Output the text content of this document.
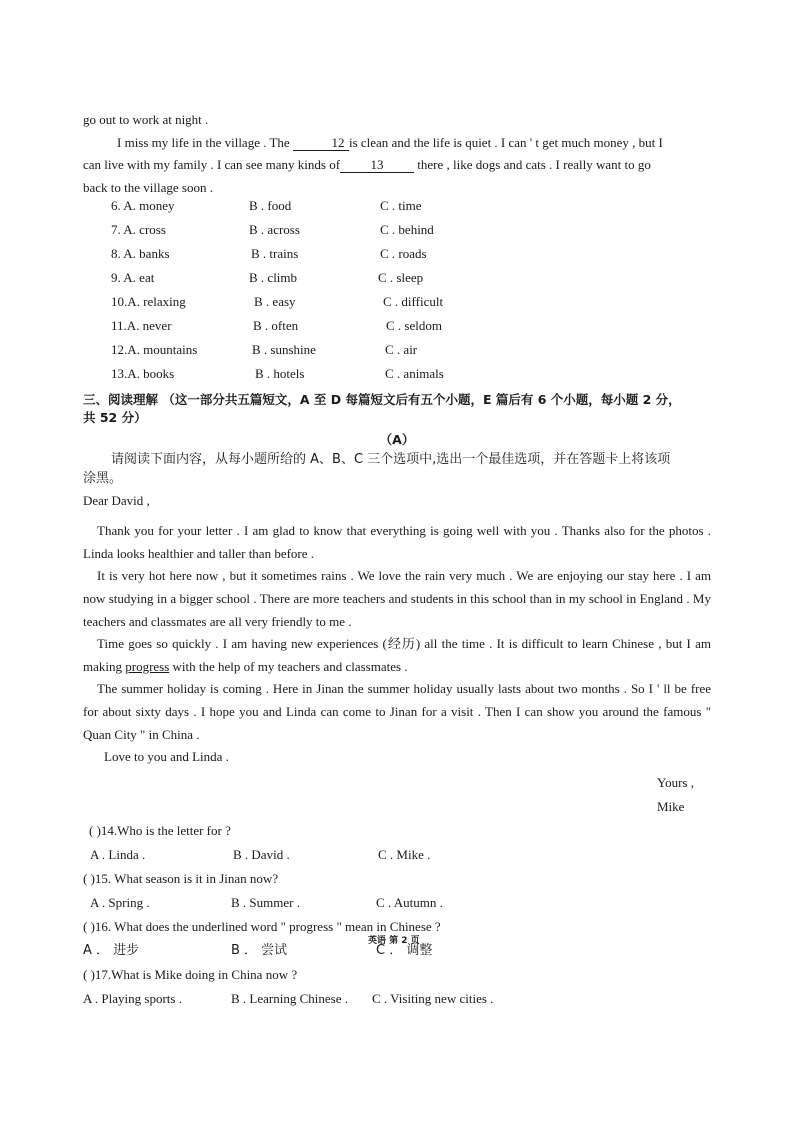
go out to work at night .
I miss my life in the village . The	12 is clean and the life is quiet . I can ' t get much money , but I
can live with my family . I can see many kinds of 13 there , like dogs and cats . I really want to go
back to the village soon .
6. A. money	B . food	C . time
7. A. cross	B . across	C . behind
8. A. banks	B . trains	C . roads
9. A. eat	B . climb	C . sleep
10.A. relaxing	B . easy	C . difficult
11.A. never	B . often	C . seldom
12.A. mountains	B . sunshine	C . air
13.A. books	B . hotels	C . animals
三、阅读理解 （这一部分共五篇短文，A 至 D 每篇短文后有五个小题，E 篇后有 6 个小题，每小题 2 分，
共 52 分）
（A）
请阅读下面内容，从每小题所给的 A、B、C 三个选项中,选出一个最佳选项，并在答题卡上将该项
涂黑。
Dear David ,
Thank you for your letter . I am glad to know that everything is going well with you . Thanks also for the photos . Linda looks healthier and taller than before .
It is very hot here now , but it sometimes rains . We love the rain very much . We are enjoying our stay here . I am now studying in a bigger school . There are more teachers and students in this school than in my school in England . My teachers and classmates are all very friendly to me .
Time goes so quickly . I am having new experiences (经历) all the time . It is difficult to learn Chinese , but I am making progress with the help of my teachers and classmates .
The summer holiday is coming . Here in Jinan the summer holiday usually lasts about two months . So I ' ll be free for about sixty days . I hope you and Linda can come to Jinan for a visit . Then I can show you around the famous " Quan City " in China .
Love to you and Linda .
Yours ,
Mike
( )14.Who is the letter for ?
A . Linda .	B . David .	C . Mike .
( )15. What season is it in Jinan now?
A . Spring .	B . Summer .	C . Autumn .
( )16. What does the underlined word " progress " mean in Chinese ?
A ． 进步	B ． 尝试	C ． 调整
( )17.What is Mike doing in China now ?
A . Playing sports .	B . Learning Chinese . C . Visiting new cities .
英语 第 2 页
